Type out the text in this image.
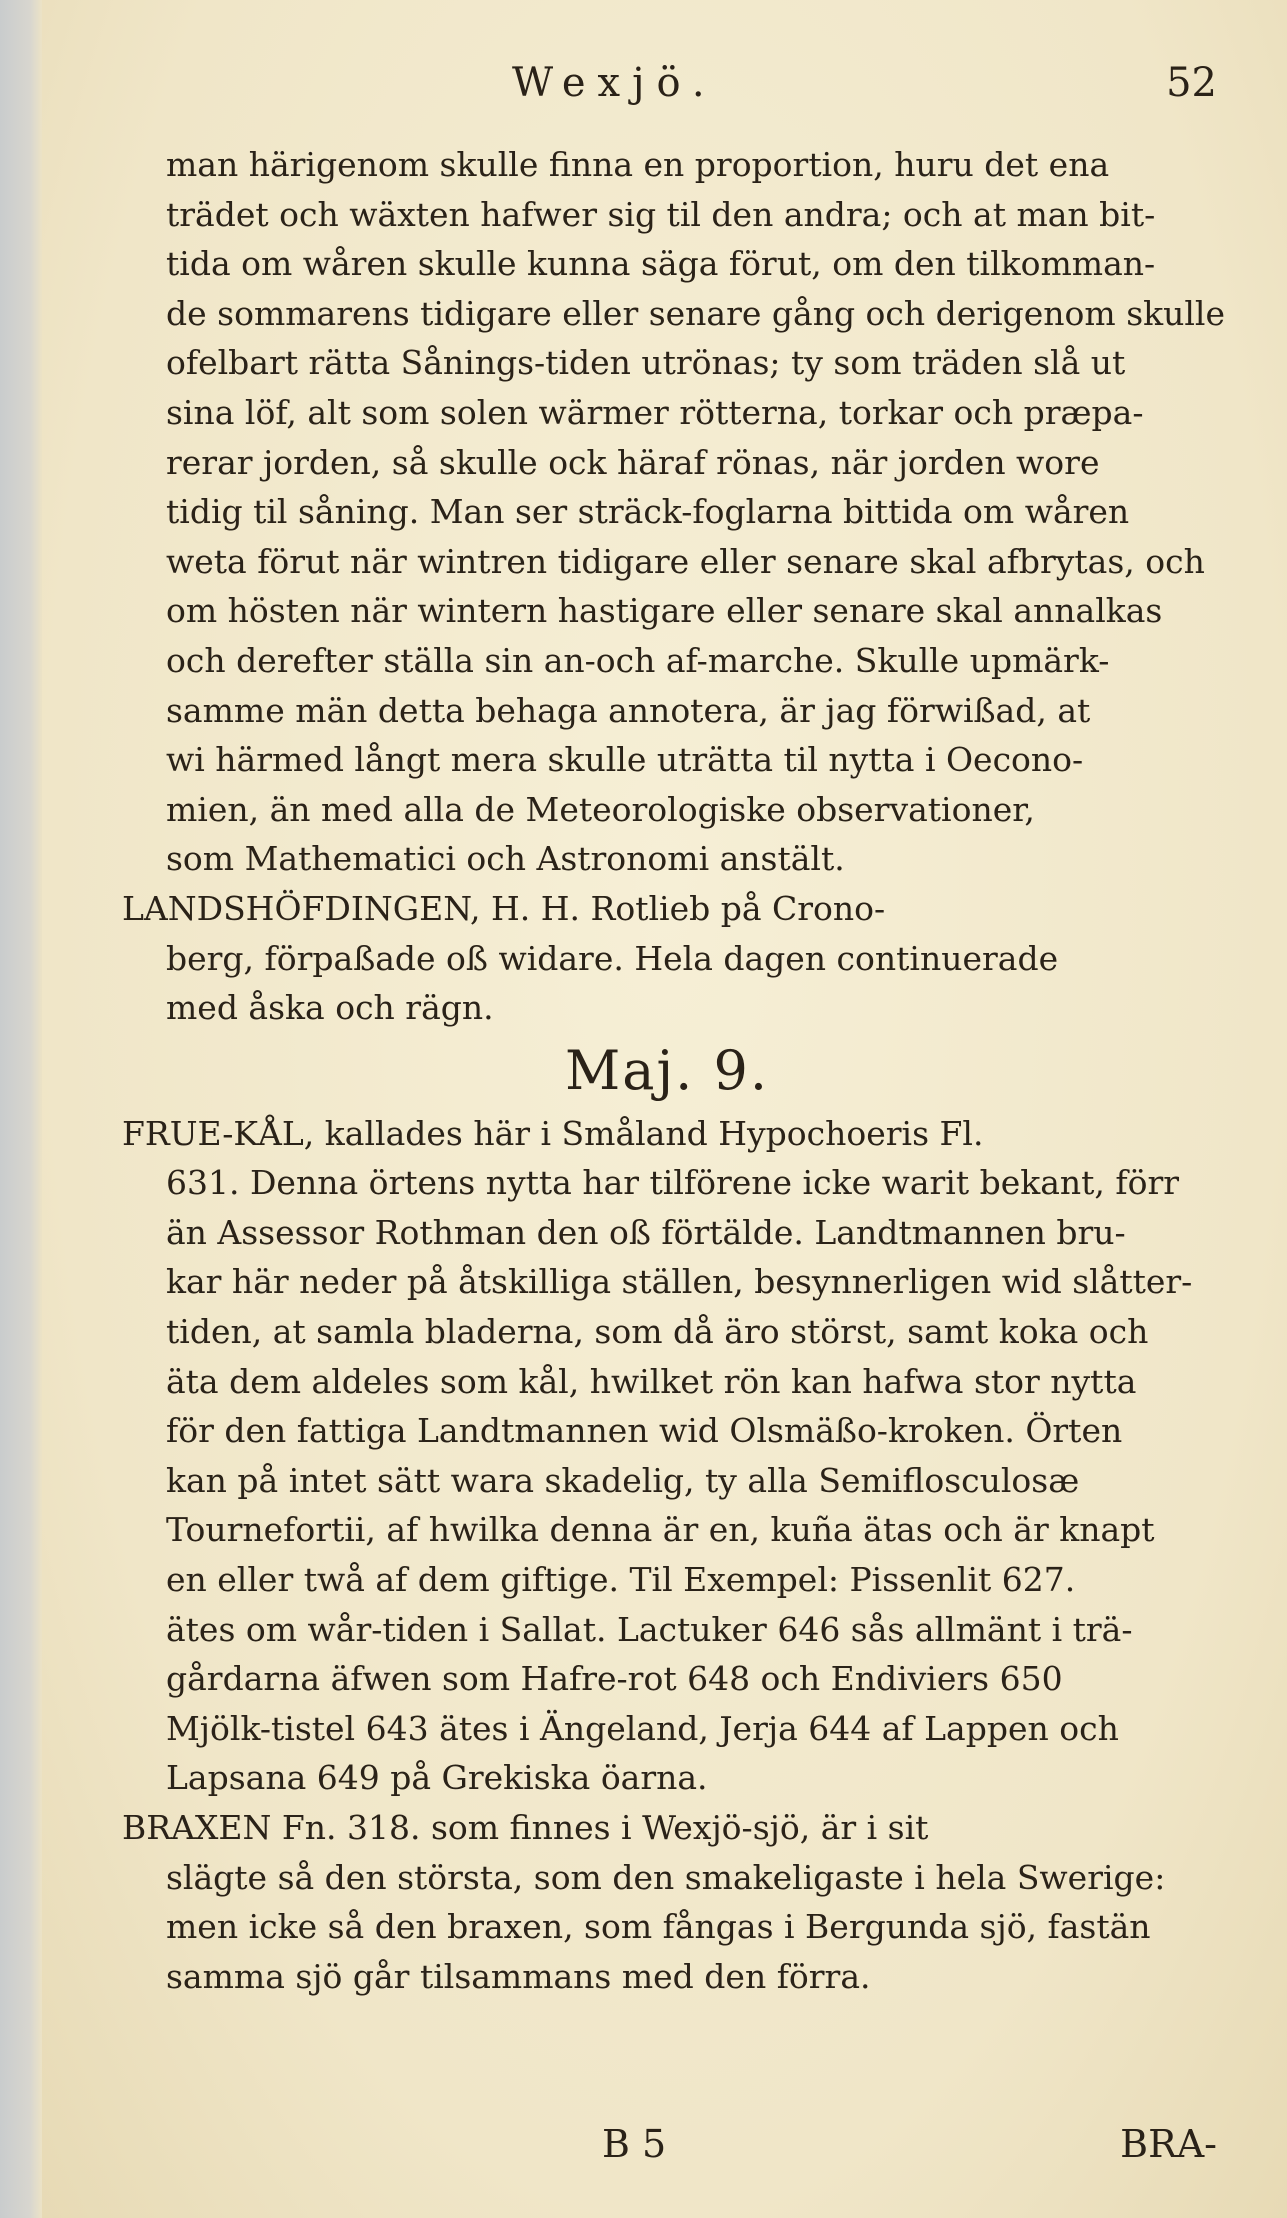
Wexjö.	52
man härigenom skulle finna en proportion, huru det ena
trädet och wäxten hafwer sig til den andra; och at man bit-
tida om wåren skulle kunna säga förut, om den tilkomman-
de sommarens tidigare eller senare gång och derigenom skulle
ofelbart rätta Sånings-tiden utrönas; ty som träden slå ut
sina löf, alt som solen wärmer rötterna, torkar och præpa-
rerar jorden, så skulle ock häraf rönas, när jorden wore
tidig til såning. Man ser sträck-foglarna bittida om wåren
weta förut när wintren tidigare eller senare skal afbrytas, och
om hösten när wintern hastigare eller senare skal annalkas
och derefter ställa sin an-och af-marche. Skulle upmärk-
samme män detta behaga annotera, är jag förwißad, at
wi härmed långt mera skulle uträtta til nytta i Oecono-
mien, än med alla de Meteorologiske observationer,
som Mathematici och Astronomi anstält.
LANDSHÖFDINGEN, H. H. Rotlieb på Crono-
berg, förpaßade oß widare. Hela dagen continuerade
med åska och rägn.
Maj. 9.
FRUE-KÅL, kallades här i Småland Hypochoeris Fl.
631. Denna örtens nytta har tilförene icke warit bekant, förr
än Assessor Rothman den oß förtälde. Landtmannen bru-
kar här neder på åtskilliga ställen, besynnerligen wid slåtter-
tiden, at samla bladerna, som då äro störst, samt koka och
äta dem aldeles som kål, hwilket rön kan hafwa stor nytta
för den fattiga Landtmannen wid Olsmäßo-kroken. Örten
kan på intet sätt wara skadelig, ty alla Semiflosculosæ
Tournefortii, af hwilka denna är en, kuña ätas och är knapt
en eller twå af dem giftige. Til Exempel: Pissenlit 627.
ätes om wår-tiden i Sallat. Lactuker 646 sås allmänt i trä-
gårdarna äfwen som Hafre-rot 648 och Endiviers 650
Mjölk-tistel 643 ätes i Ängeland, Jerja 644 af Lappen och
Lapsana 649 på Grekiska öarna.
BRAXEN Fn. 318. som finnes i Wexjö-sjö, är i sit
slägte så den största, som den smakeligaste i hela Swerige:
men icke så den braxen, som fångas i Bergunda sjö, fastän
samma sjö går tilsammans med den förra.
B 5	BRA-
